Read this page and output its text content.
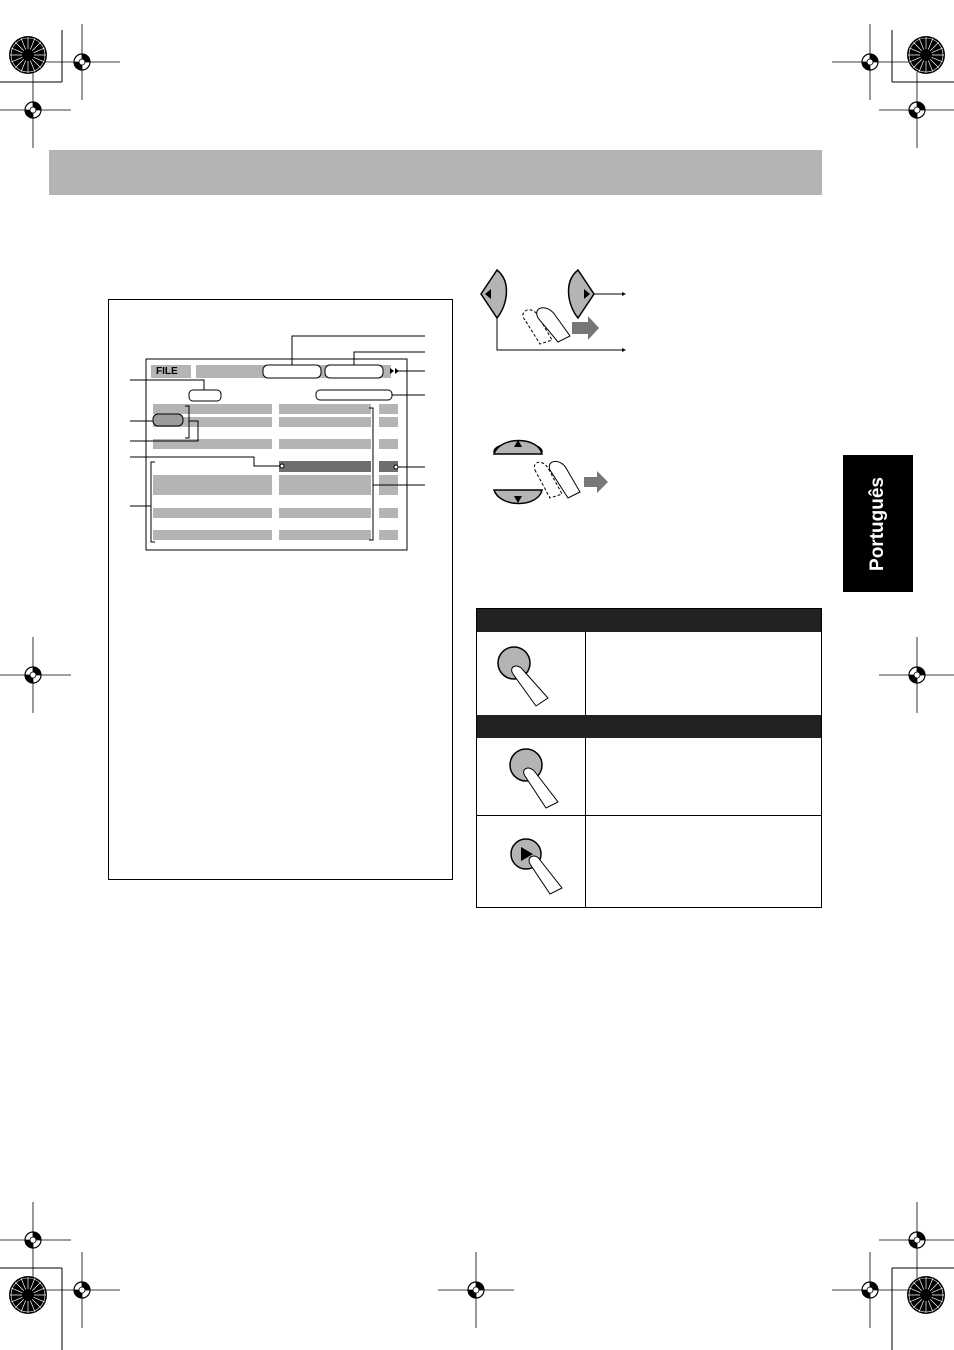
Português
FILE
